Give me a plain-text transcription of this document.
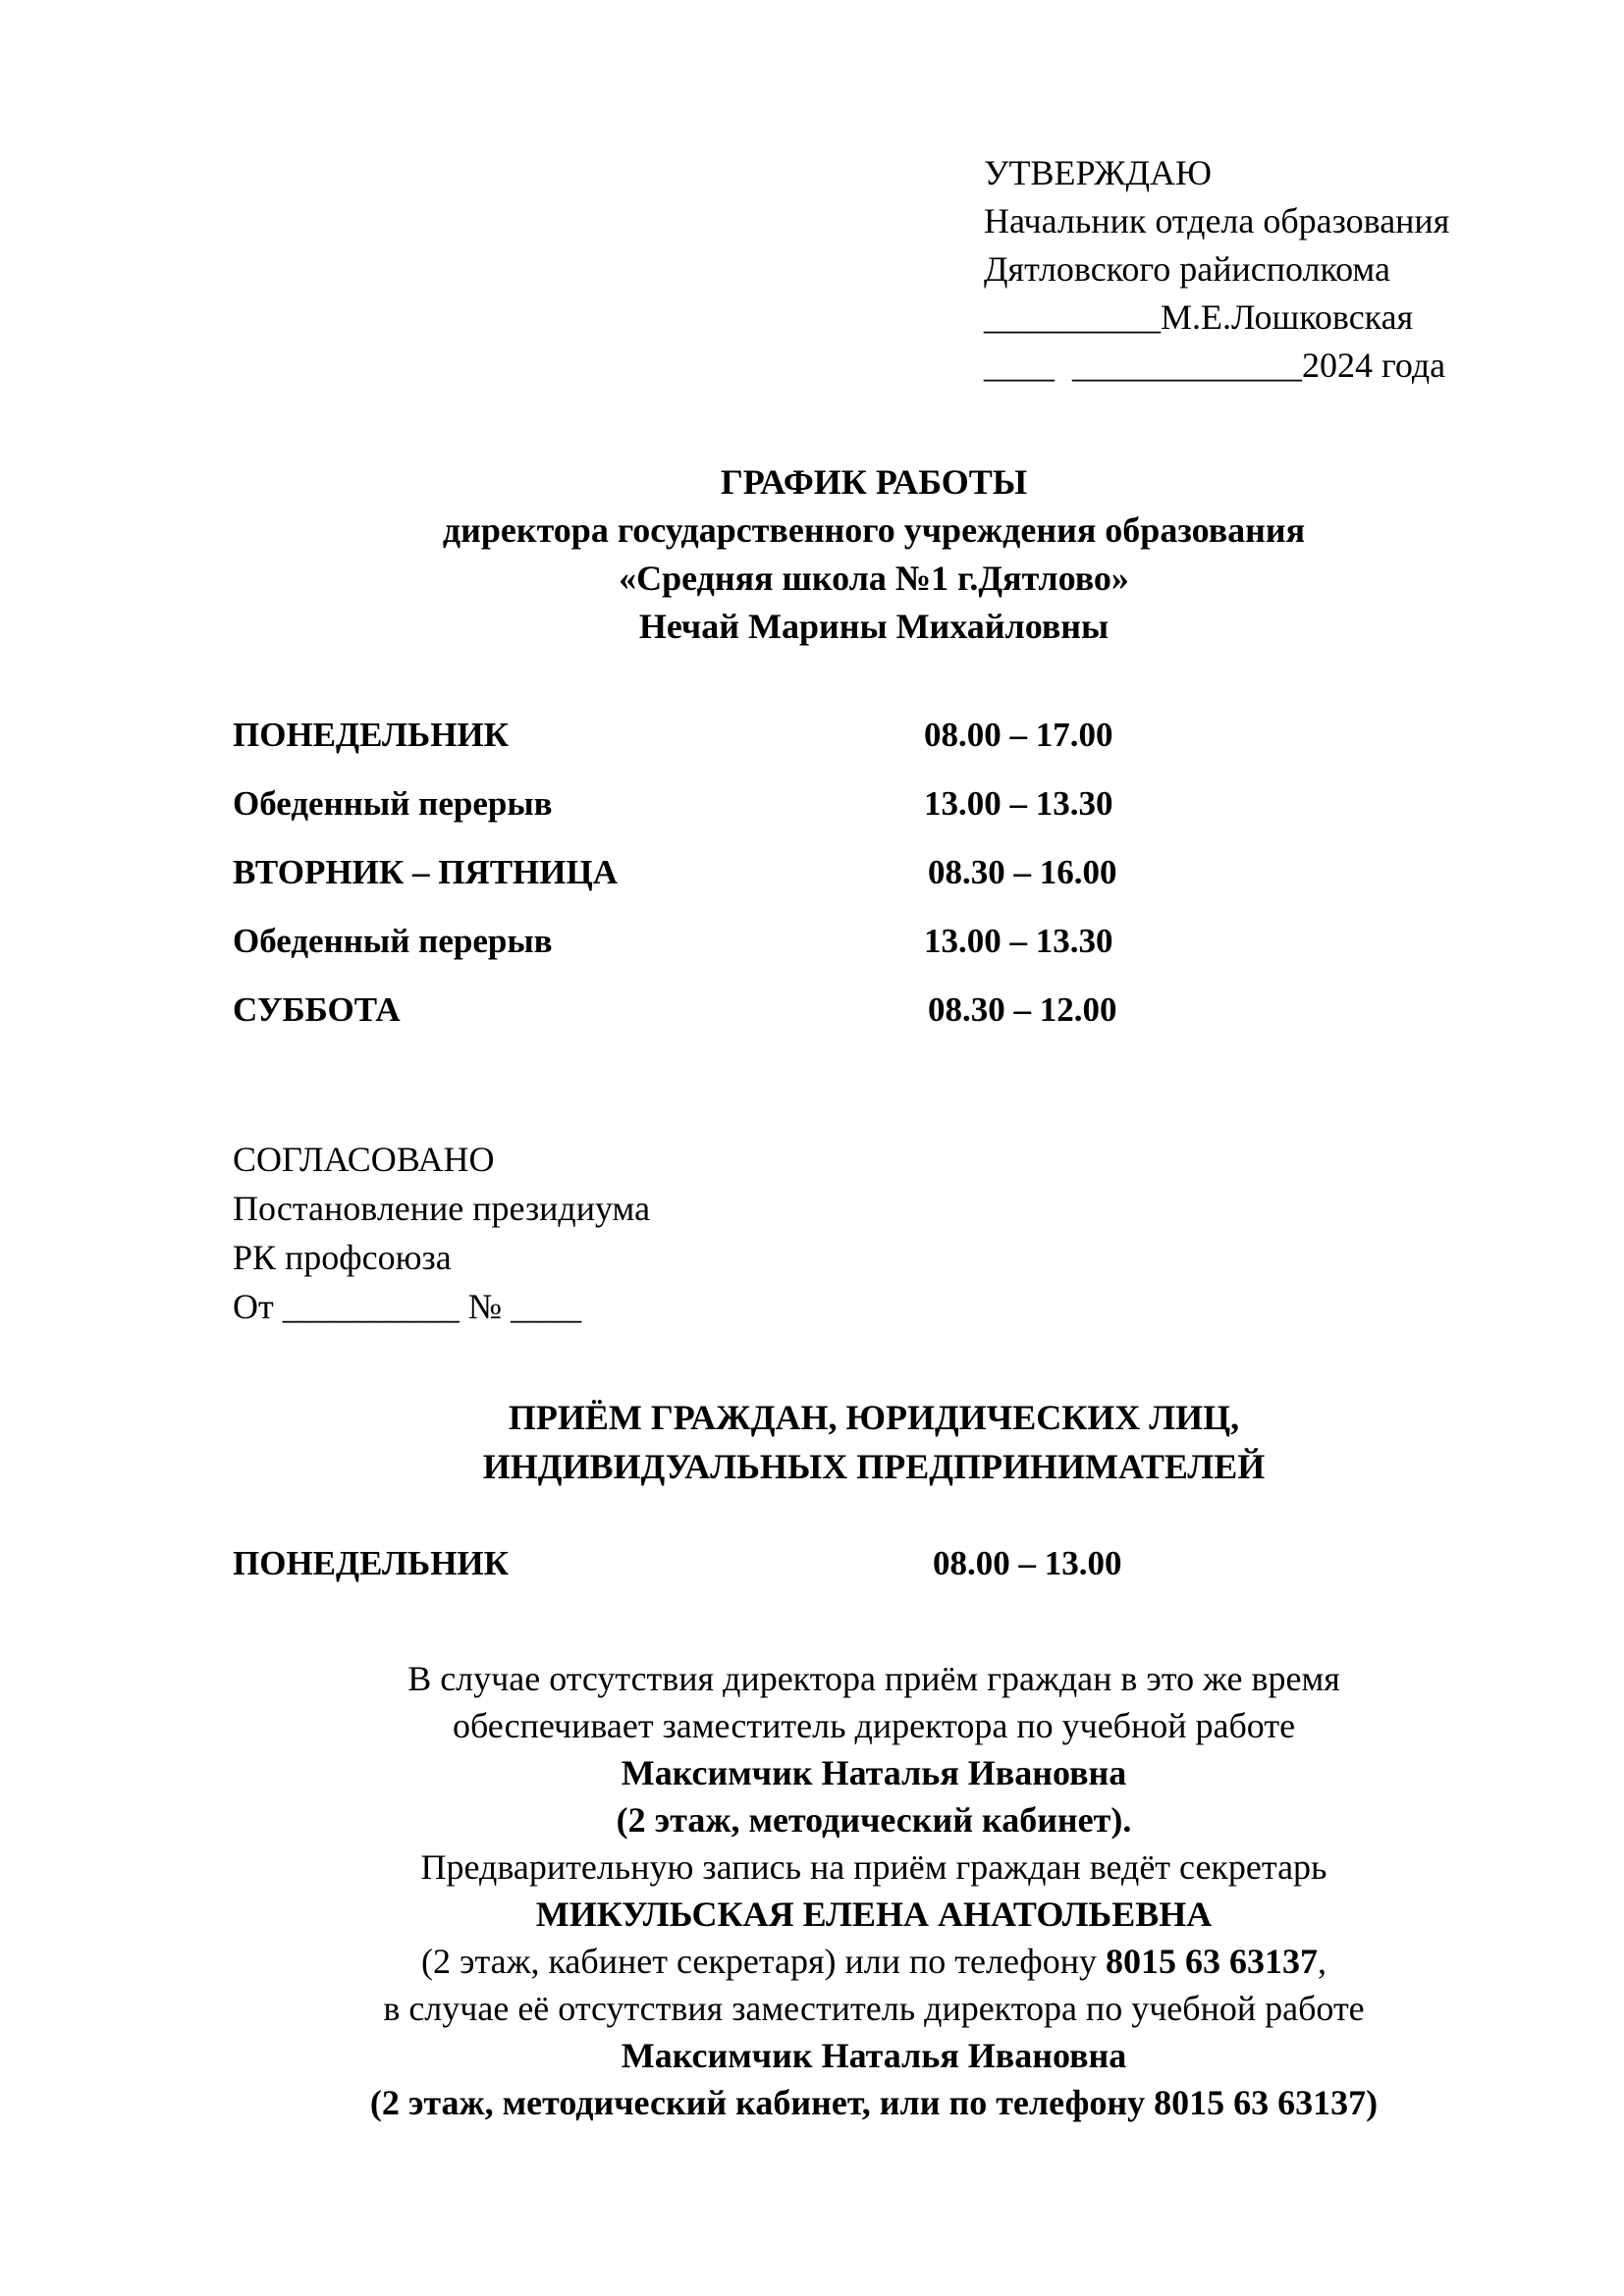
УТВЕРЖДАЮ
Начальник отдела образования
Дятловского райисполкома
__________М.Е.Лошковская
____  _____________2024 года
ГРАФИК РАБОТЫ
директора государственного учреждения образования
«Средняя школа №1 г.Дятлово»
Нечай Марины Михайловны
ПОНЕДЕЛЬНИК	08.00 – 17.00
Обеденный перерыв	13.00 – 13.30
ВТОРНИК – ПЯТНИЦА	08.30 – 16.00
Обеденный перерыв	13.00 – 13.30
СУББОТА	08.30 – 12.00
СОГЛАСОВАНО
Постановление президиума
РК профсоюза
От __________ № ____
ПРИЁМ ГРАЖДАН, ЮРИДИЧЕСКИХ ЛИЦ,
ИНДИВИДУАЛЬНЫХ ПРЕДПРИНИМАТЕЛЕЙ
ПОНЕДЕЛЬНИК	08.00 – 13.00
В случае отсутствия директора приём граждан в это же время
обеспечивает заместитель директора по учебной работе
Максимчик Наталья Ивановна
(2 этаж, методический кабинет).
Предварительную запись на приём граждан ведёт секретарь
МИКУЛЬСКАЯ ЕЛЕНА АНАТОЛЬЕВНА
(2 этаж, кабинет секретаря) или по телефону 8015 63 63137,
в случае её отсутствия заместитель директора по учебной работе
Максимчик Наталья Ивановна
(2 этаж, методический кабинет, или по телефону 8015 63 63137)
